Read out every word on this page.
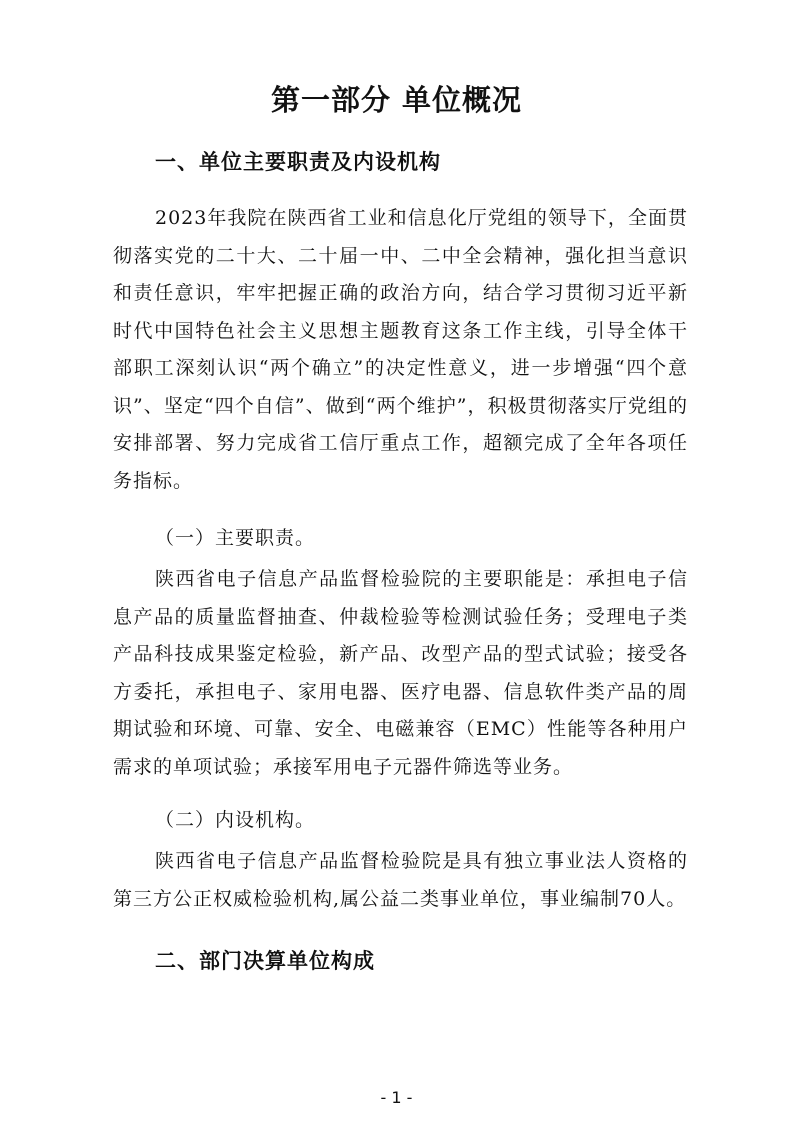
第一部分 单位概况
一、单位主要职责及内设机构

2023年我院在陕西省工业和信息化厅党组的领导下，全面贯彻落实党的二十大、二十届一中、二中全会精神，强化担当意识和责任意识，牢牢把握正确的政治方向，结合学习贯彻习近平新时代中国特色社会主义思想主题教育这条工作主线，引导全体干部职工深刻认识“两个确立”的决定性意义，进一步增强“四个意识”、坚定“四个自信”、做到“两个维护”，积极贯彻落实厅党组的安排部署、努力完成省工信厅重点工作，超额完成了全年各项任务指标。

（一）主要职责。

陕西省电子信息产品监督检验院的主要职能是：承担电子信息产品的质量监督抽查、仲裁检验等检测试验任务；受理电子类产品科技成果鉴定检验，新产品、改型产品的型式试验；接受各方委托，承担电子、家用电器、医疗电器、信息软件类产品的周期试验和环境、可靠、安全、电磁兼容（EMC）性能等各种用户需求的单项试验；承接军用电子元器件筛选等业务。

（二）内设机构。

陕西省电子信息产品监督检验院是具有独立事业法人资格的第三方公正权威检验机构,属公益二类事业单位，事业编制70人。

二、部门决算单位构成
- 1 -
